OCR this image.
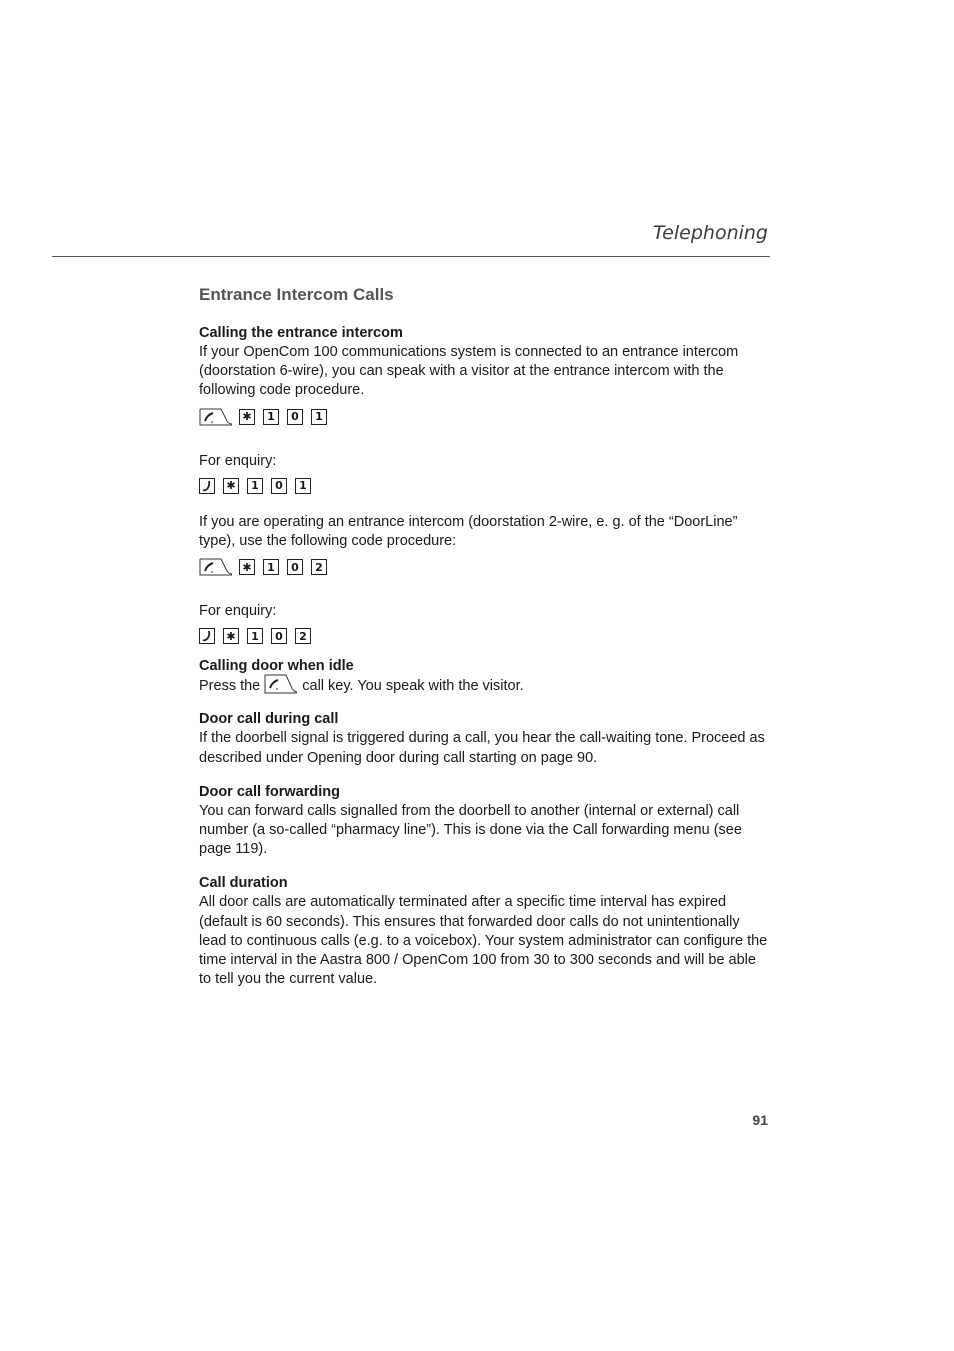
Telephoning
Entrance Intercom Calls

Calling the entrance intercom

If your OpenCom 100 communications system is connected to an entrance intercom (doorstation 6-wire), you can speak with a visitor at the entrance intercom with the following code procedure.

✱	1	0	1

For enquiry:

✱	1	0	1

If you are operating an entrance intercom (doorstation 2-wire, e. g. of the “DoorLine” type), use the following code procedure:

✱	1	0	2

For enquiry:

✱	1	0	2

Calling door when idle

Press the	call key. You speak with the visitor.

Door call during call

If the doorbell signal is triggered during a call, you hear the call-waiting tone. Proceed as described under Opening door during call starting on page 90.

Door call forwarding

You can forward calls signalled from the doorbell to another (internal or external) call number (a so-called “pharmacy line”). This is done via the Call forwarding menu (see page 119).

Call duration

All door calls are automatically terminated after a specific time interval has expired (default is 60 seconds). This ensures that forwarded door calls do not unintentionally lead to continuous calls (e.g. to a voicebox). Your system administrator can configure the time interval in the Aastra 800 / OpenCom 100 from 30 to 300 seconds and will be able to tell you the current value.

91
